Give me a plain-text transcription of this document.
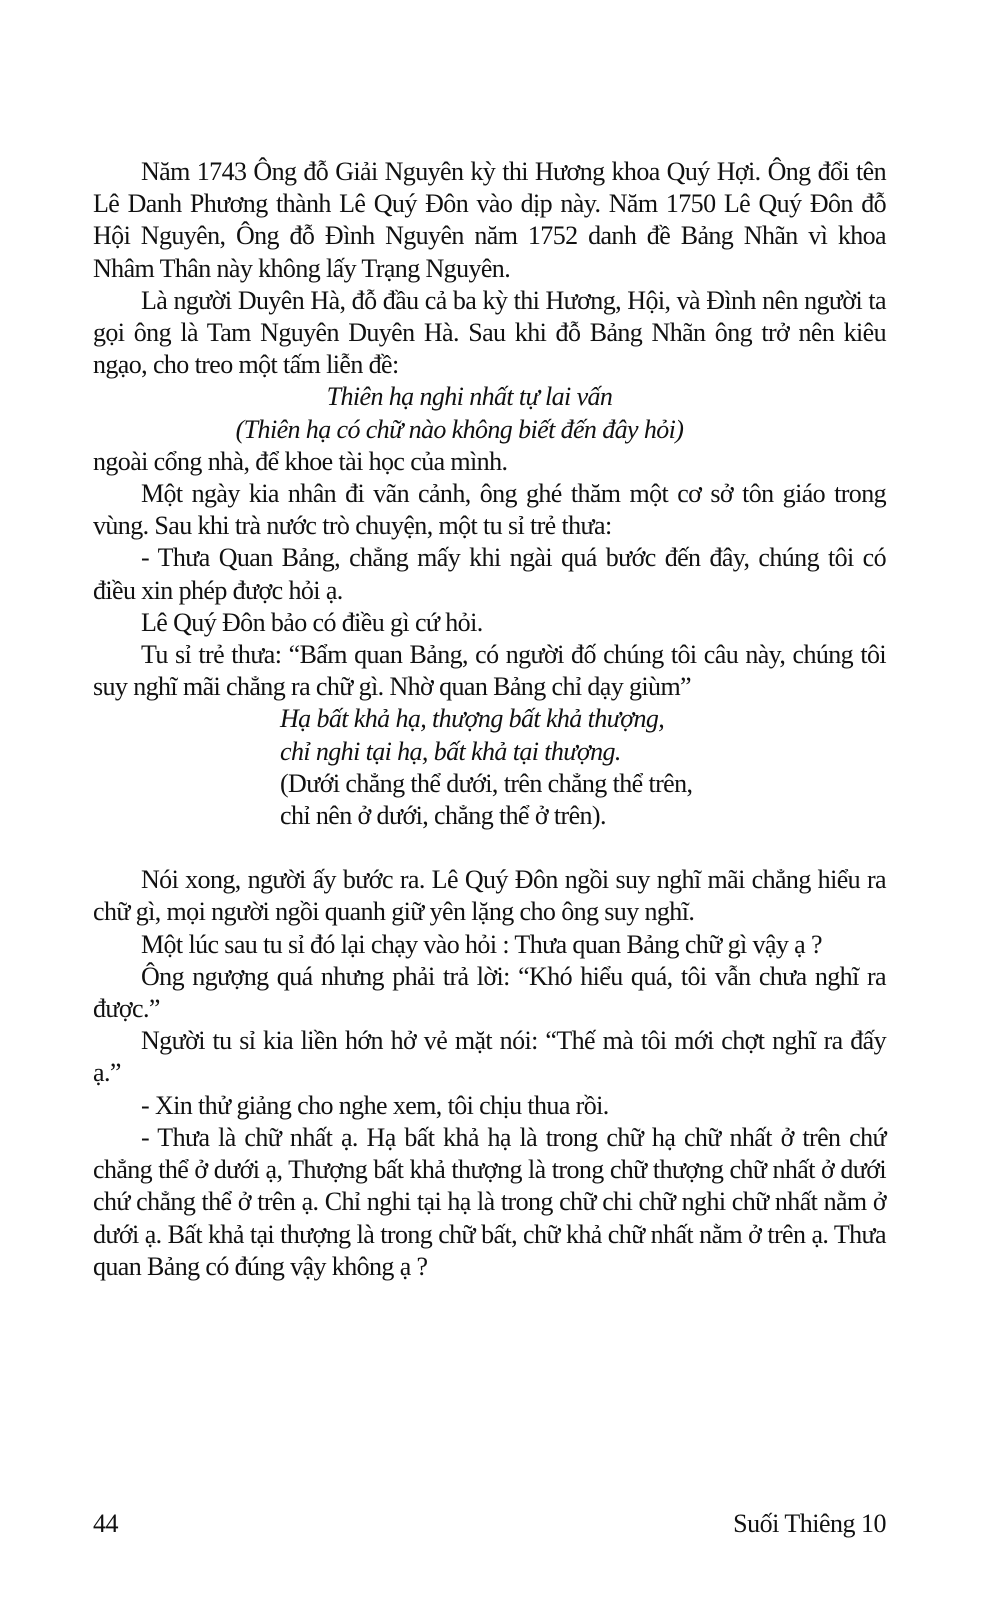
Năm 1743 Ông đỗ Giải Nguyên kỳ thi Hương khoa Quý Hợi. Ông đổi tên Lê Danh Phương thành Lê Quý Đôn vào dịp này. Năm 1750 Lê Quý Đôn đỗ Hội Nguyên, Ông đỗ Đình Nguyên năm 1752 danh đề Bảng Nhãn vì khoa Nhâm Thân này không lấy Trạng Nguyên.

Là người Duyên Hà, đỗ đầu cả ba kỳ thi Hương, Hội, và Đình nên người ta gọi ông là Tam Nguyên Duyên Hà. Sau khi đỗ Bảng Nhãn ông trở nên kiêu ngạo, cho treo một tấm liễn đề:

Thiên hạ nghi nhất tự lai vấn

(Thiên hạ có chữ nào không biết đến đây hỏi)

ngoài cổng nhà, để khoe tài học của mình.

Một ngày kia nhân đi vãn cảnh, ông ghé thăm một cơ sở tôn giáo trong vùng. Sau khi trà nước trò chuyện, một tu sỉ trẻ thưa:

- Thưa Quan Bảng, chẳng mấy khi ngài quá bước đến đây, chúng tôi có điều xin phép được hỏi ạ.

Lê Quý Đôn bảo có điều gì cứ hỏi.

Tu sỉ trẻ thưa: “Bẩm quan Bảng, có người đố chúng tôi câu này, chúng tôi suy nghĩ mãi chẳng ra chữ gì. Nhờ quan Bảng chỉ dạy giùm”

Hạ bất khả hạ, thượng bất khả thượng,
chỉ nghi tại hạ, bất khả tại thượng.
(Dưới chẳng thể dưới, trên chẳng thể trên,
chỉ nên ở dưới, chẳng thể ở trên).

Nói xong, người ấy bước ra. Lê Quý Đôn ngồi suy nghĩ mãi chẳng hiểu ra chữ gì, mọi người ngồi quanh giữ yên lặng cho ông suy nghĩ.

Một lúc sau tu sỉ đó lại chạy vào hỏi : Thưa quan Bảng chữ gì vậy ạ ?

Ông ngượng quá nhưng phải trả lời: “Khó hiểu quá, tôi vẫn chưa nghĩ ra được.”

Người tu sỉ kia liền hớn hở vẻ mặt nói: “Thế mà tôi mới chợt nghĩ ra đấy ạ.”

- Xin thử giảng cho nghe xem, tôi chịu thua rồi.

- Thưa là chữ nhất ạ. Hạ bất khả hạ là trong chữ hạ chữ nhất ở trên chứ chẳng thể ở dưới ạ, Thượng bất khả thượng là trong chữ thượng chữ nhất ở dưới chứ chẳng thể ở trên ạ. Chỉ nghi tại hạ là trong chữ chi chữ nghi chữ nhất nằm ở dưới ạ. Bất khả tại thượng là trong chữ bất, chữ khả chữ nhất nằm ở trên ạ. Thưa quan Bảng có đúng vậy không ạ ?

44	Suối Thiêng 10
